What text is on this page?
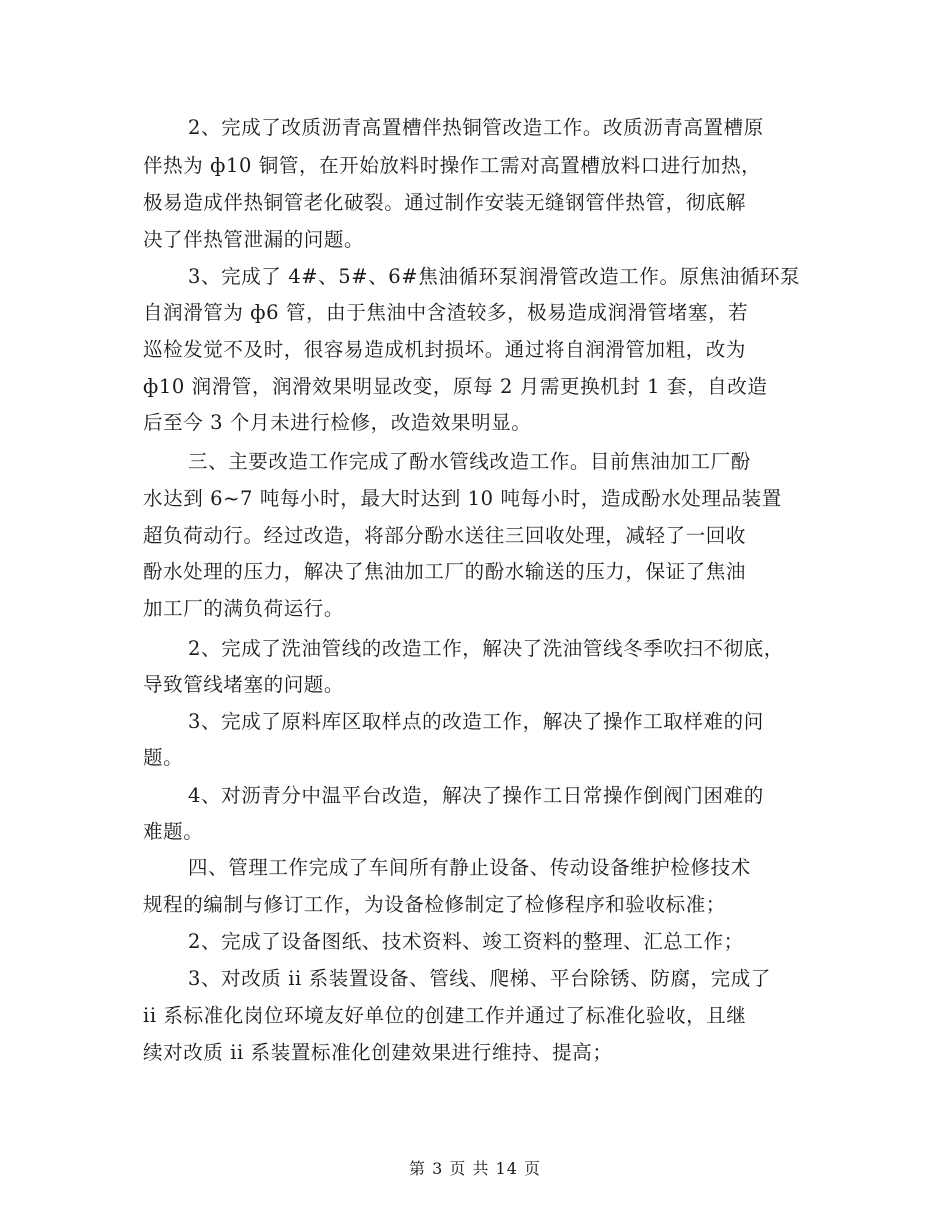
2、完成了改质沥青高置槽伴热铜管改造工作。改质沥青高置槽原
伴热为 ф10 铜管，在开始放料时操作工需对高置槽放料口进行加热，
极易造成伴热铜管老化破裂。通过制作安装无缝钢管伴热管，彻底解
决了伴热管泄漏的问题。
3、完成了 4#、5#、6#焦油循环泵润滑管改造工作。原焦油循环泵
自润滑管为 ф6 管，由于焦油中含渣较多，极易造成润滑管堵塞，若
巡检发觉不及时，很容易造成机封损坏。通过将自润滑管加粗，改为
ф10 润滑管，润滑效果明显改变，原每 2 月需更换机封 1 套，自改造
后至今 3 个月未进行检修，改造效果明显。
三、主要改造工作完成了酚水管线改造工作。目前焦油加工厂酚
水达到 6~7 吨每小时，最大时达到 10 吨每小时，造成酚水处理品装置
超负荷动行。经过改造，将部分酚水送往三回收处理，减轻了一回收
酚水处理的压力，解决了焦油加工厂的酚水输送的压力，保证了焦油
加工厂的满负荷运行。
2、完成了洗油管线的改造工作，解决了洗油管线冬季吹扫不彻底，
导致管线堵塞的问题。
3、完成了原料库区取样点的改造工作，解决了操作工取样难的问
题。
4、对沥青分中温平台改造，解决了操作工日常操作倒阀门困难的
难题。
四、管理工作完成了车间所有静止设备、传动设备维护检修技术
规程的编制与修订工作，为设备检修制定了检修程序和验收标准；
2、完成了设备图纸、技术资料、竣工资料的整理、汇总工作；
3、对改质 ii 系装置设备、管线、爬梯、平台除锈、防腐，完成了
ii 系标准化岗位环境友好单位的创建工作并通过了标准化验收，且继
续对改质 ii 系装置标准化创建效果进行维持、提高；
第 3 页 共 14 页
